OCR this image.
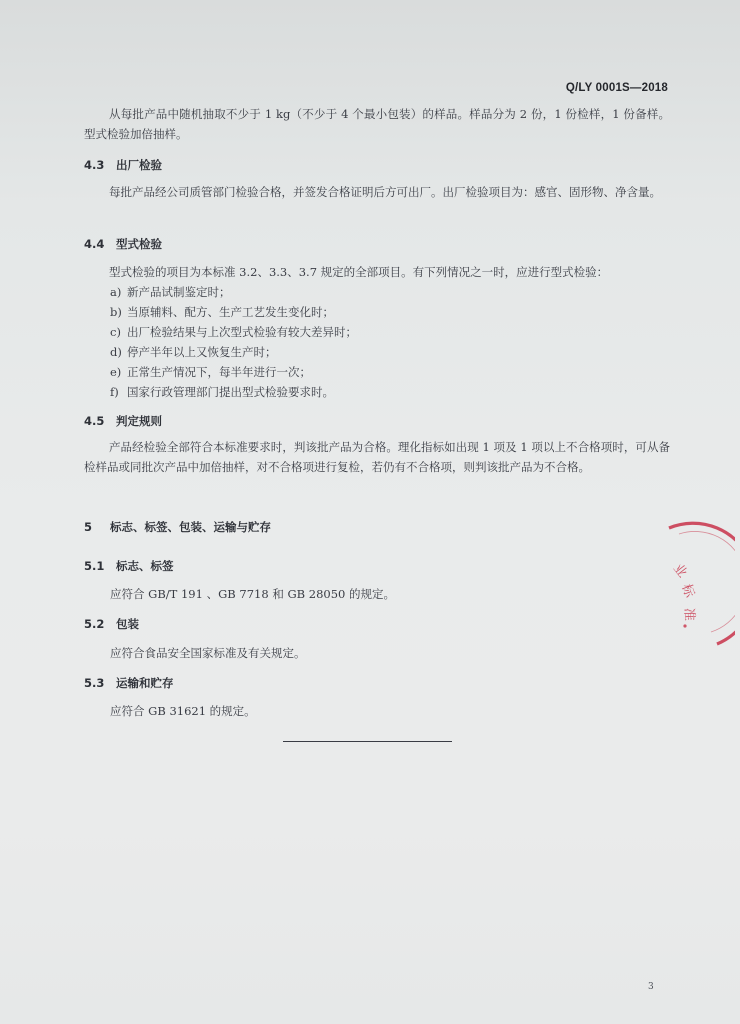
Q/LY 0001S—2018

从每批产品中随机抽取不少于 1 kg（不少于 4 个最小包装）的样品。样品分为 2 份，1 份检样，1 份备样。型式检验加倍抽样。

4.3 出厂检验

每批产品经公司质管部门检验合格，并签发合格证明后方可出厂。出厂检验项目为：感官、固形物、净含量。

4.4 型式检验

型式检验的项目为本标准 3.2、3.3、3.7 规定的全部项目。有下列情况之一时，应进行型式检验：

a) 新产品试制鉴定时；
b) 当原辅料、配方、生产工艺发生变化时；
c) 出厂检验结果与上次型式检验有较大差异时；
d) 停产半年以上又恢复生产时；
e) 正常生产情况下，每半年进行一次；
f) 国家行政管理部门提出型式检验要求时。
4.5 判定规则

产品经检验全部符合本标准要求时，判该批产品为合格。理化指标如出现 1 项及 1 项以上不合格项时，可从备检样品或同批次产品中加倍抽样，对不合格项进行复检，若仍有不合格项，则判该批产品为不合格。

5 标志、标签、包装、运输与贮存
5.1 标志、标签
应符合 GB/T 191 、GB 7718 和 GB 28050 的规定。
5.2 包装
应符合食品安全国家标准及有关规定。
5.3 运输和贮存
应符合 GB 31621 的规定。
3
业
标
准
